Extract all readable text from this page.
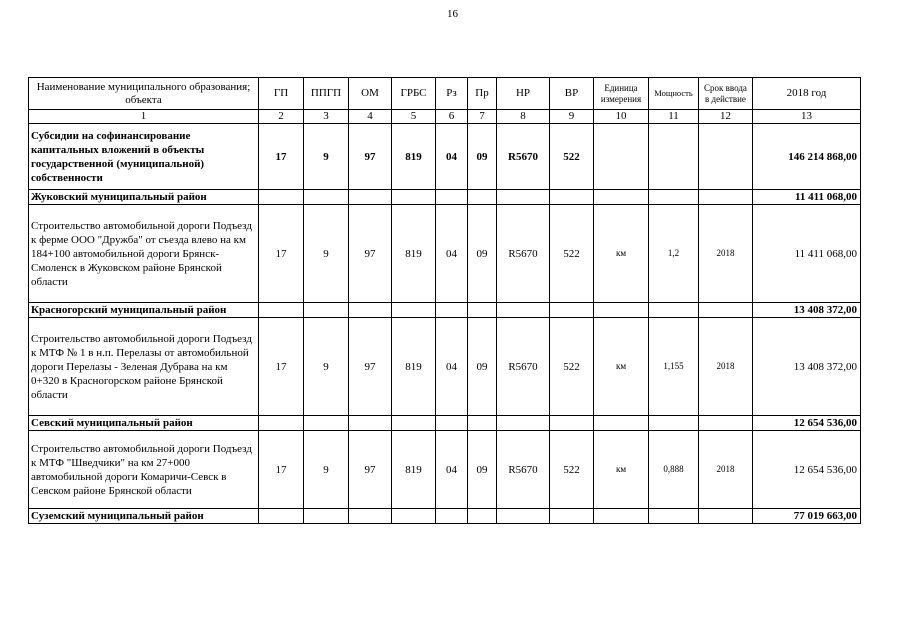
16
Наименование муниципального образования; объекта	ГП	ППГП	ОМ	ГРБС	Рз	Пр	НР	ВР	Единица измерения	Мощность	Срок ввода в действие	2018 год
1	2	3	4	5	6	7	8	9	10	11	12	13
Субсидии на софинансирование капитальных вложений в объекты государственной (муниципальной) собственности	17	9	97	819	04	09	R5670	522				146 214 868,00
Жуковский муниципальный район												11 411 068,00
Строительство автомобильной дороги Подъезд к ферме ООО "Дружба" от съезда влево на км 184+100 автомобильной дороги Брянск-Смоленск в Жуковском районе Брянской области	17	9	97	819	04	09	R5670	522	км	1,2	2018	11 411 068,00
Красногорский муниципальный район												13 408 372,00
Строительство автомобильной дороги Подъезд к МТФ № 1 в н.п. Перелазы от автомобильной дороги Перелазы - Зеленая Дубрава на км 0+320 в Красногорском районе Брянской области	17	9	97	819	04	09	R5670	522	км	1,155	2018	13 408 372,00
Севский муниципальный район												12 654 536,00
Строительство автомобильной дороги Подъезд к МТФ "Шведчики" на км 27+000 автомобильной дороги Комаричи-Севск в Севском районе Брянской области	17	9	97	819	04	09	R5670	522	км	0,888	2018	12 654 536,00
Суземский муниципальный район												77 019 663,00
